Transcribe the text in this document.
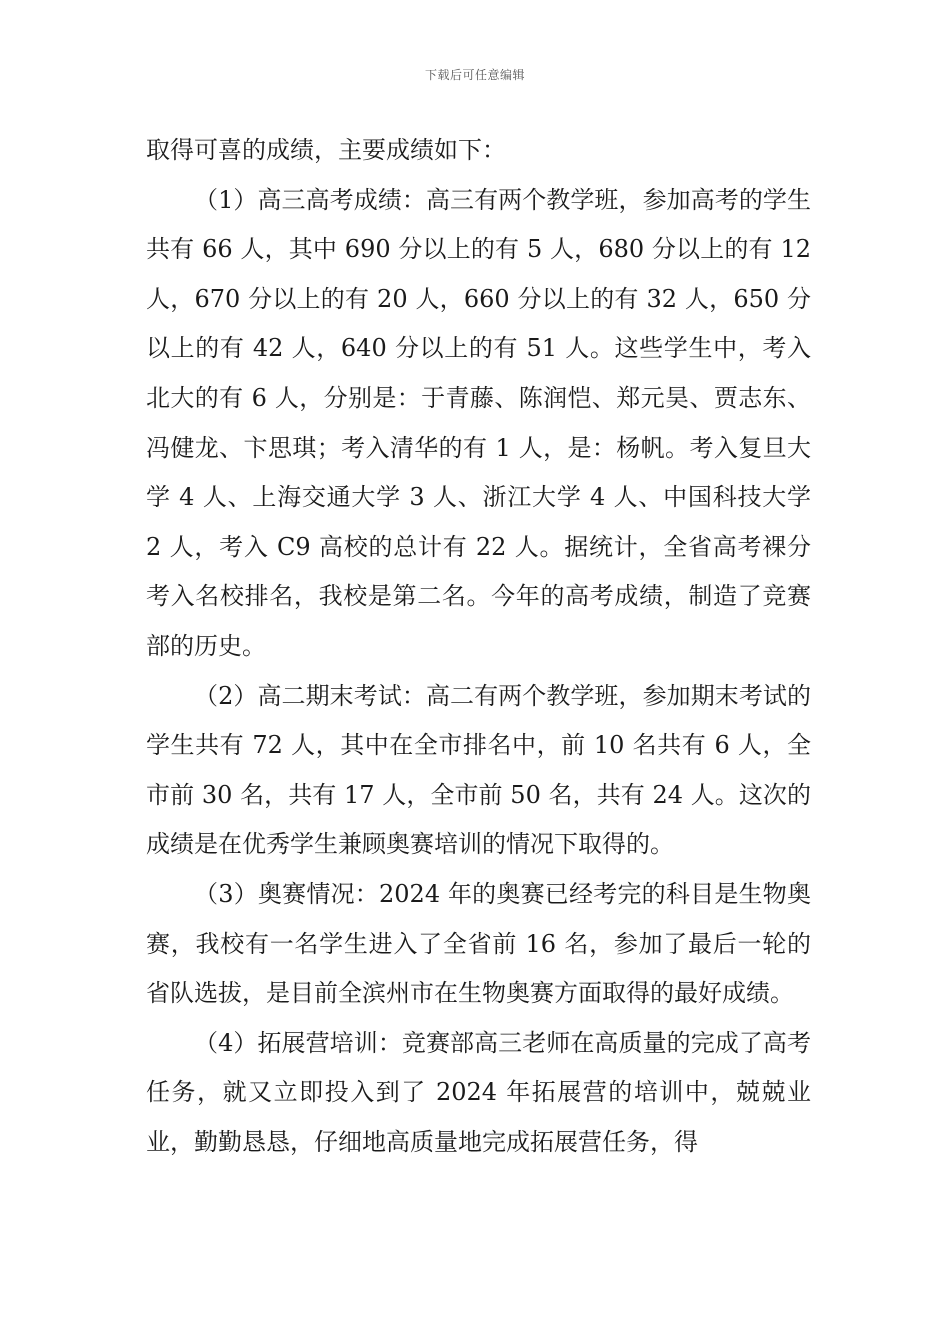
下载后可任意编辑

取得可喜的成绩，主要成绩如下：

（1）高三高考成绩：高三有两个教学班，参加高考的学生共有 66 人，其中 690 分以上的有 5 人，680 分以上的有 12 人，670 分以上的有 20 人，660 分以上的有 32 人，650 分以上的有 42 人，640 分以上的有 51 人。这些学生中，考入北大的有 6 人，分别是：于青藤、陈润恺、郑元昊、贾志东、冯健龙、卞思琪；考入清华的有 1 人，是：杨帆。考入复旦大学 4 人、上海交通大学 3 人、浙江大学 4 人、中国科技大学 2 人，考入 C9 高校的总计有 22 人。据统计，全省高考裸分考入名校排名，我校是第二名。今年的高考成绩，制造了竞赛部的历史。

（2）高二期末考试：高二有两个教学班，参加期末考试的学生共有 72 人，其中在全市排名中，前 10 名共有 6 人，全市前 30 名，共有 17 人，全市前 50 名，共有 24 人。这次的成绩是在优秀学生兼顾奥赛培训的情况下取得的。

（3）奥赛情况：2024 年的奥赛已经考完的科目是生物奥赛，我校有一名学生进入了全省前 16 名，参加了最后一轮的省队选拔，是目前全滨州市在生物奥赛方面取得的最好成绩。

（4）拓展营培训：竞赛部高三老师在高质量的完成了高考任务，就又立即投入到了 2024 年拓展营的培训中，兢兢业业，勤勤恳恳，仔细地高质量地完成拓展营任务，得
